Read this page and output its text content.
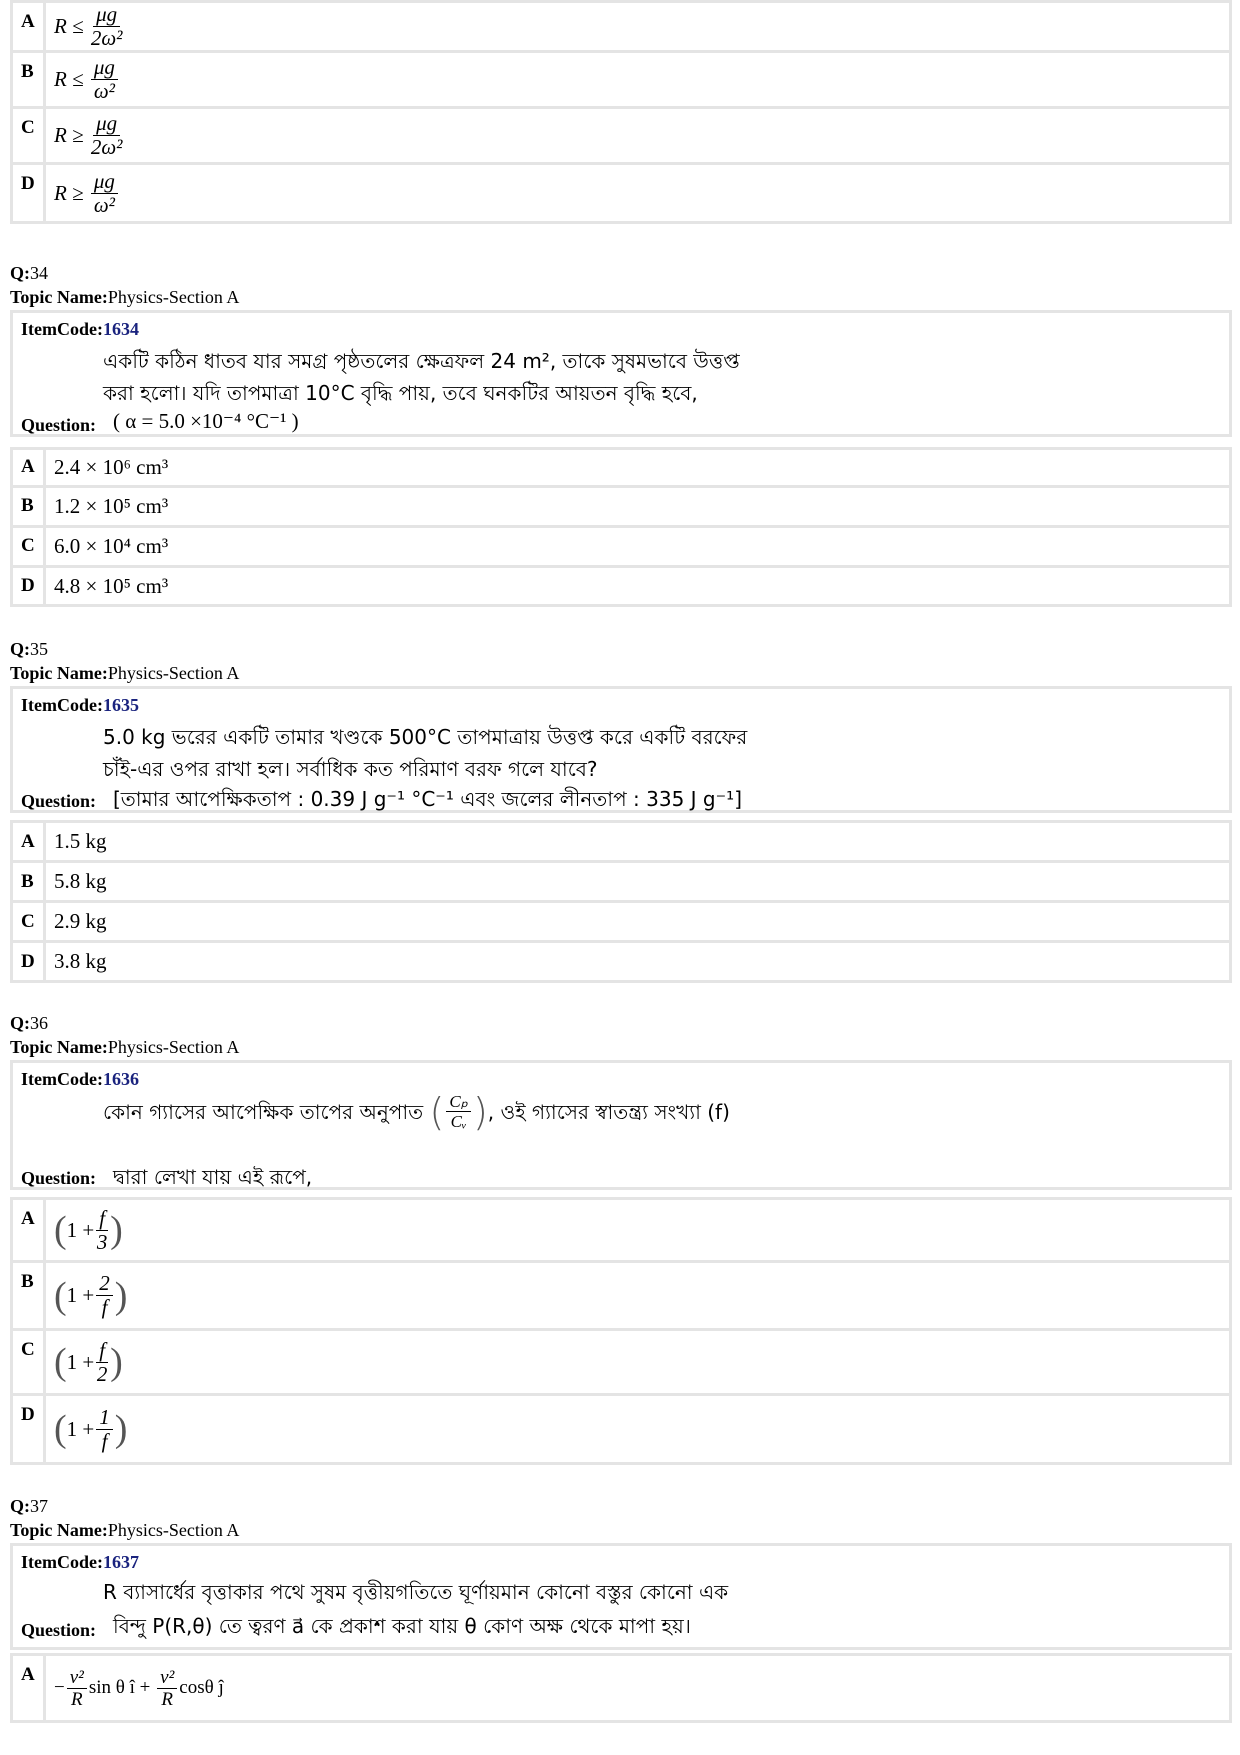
A R ≤
$\frac{\mu g}{\text{2ω²}}$
B R ≤
$\frac{\mu g}{\text{ω²}}$
C R ≥
$\frac{\mu g}{\text{2ω²}}$
D R ≥
$\frac{\mu g}{\text{ω²}}$
Q:34
Topic Name:Physics-Section A
ItemCode:1634
একটি কঠিন ধাতব যার সমগ্র পৃষ্ঠতলের ক্ষেত্রফল 24 m², তাকে সুষমভাবে উত্তপ্ত
করা হলো। যদি তাপমাত্রা 10°C বৃদ্ধি পায়, তবে ঘনকটির আয়তন বৃদ্ধি হবে,
Question: ( α = 5.0 ×10⁻⁴ °C⁻¹ )
A 2.4 × 10⁶ cm³
B 1.2 × 10⁵ cm³
C 6.0 × 10⁴ cm³
D 4.8 × 10⁵ cm³
Q:35
Topic Name:Physics-Section A
ItemCode:1635
5.0 kg ভরের একটি তামার খণ্ডকে 500°C তাপমাত্রায় উত্তপ্ত করে একটি বরফের
চাঁই-এর ওপর রাখা হল। সর্বাধিক কত পরিমাণ বরফ গলে যাবে?
Question: [তামার আপেক্ষিকতাপ : 0.39 J g⁻¹ °C⁻¹ এবং জলের লীনতাপ : 335 J g⁻¹]
A 1.5 kg
B 5.8 kg
C 2.9 kg
D 3.8 kg
Q:36
Topic Name:Physics-Section A
ItemCode:1636
কোন গ্যাসের আপেক্ষিক তাপের অনুপাত
( $\frac{\text{Cₚ}}{\text{Cᵥ}}$ ) , ওই গ্যাসের স্বাতন্ত্র্য সংখ্যা (f)
Question: দ্বারা লেখা যায় এই রূপে,
A ( $1 + \frac{f}{3}$ )
B ( $1 + \frac{2}{f}$ )
C ( $1 + \frac{f}{2}$ )
D ( $1 + \frac{1}{f}$ )
Q:37
Topic Name:Physics-Section A
ItemCode:1637
R ব্যাসার্ধের বৃত্তাকার পথে সুষম বৃত্তীয়গতিতে ঘূর্ণায়মান কোনো বস্তুর কোনো এক
Question: বিন্দু P(R,θ) তে ত্বরণ a⃗ কে প্রকাশ করা যায় θ কোণ অক্ষ থেকে মাপা হয়।
A
− $\frac{\text{v²}}{R}$ sin θ î +
$\frac{\text{v²}}{R}$ cosθ ĵ
